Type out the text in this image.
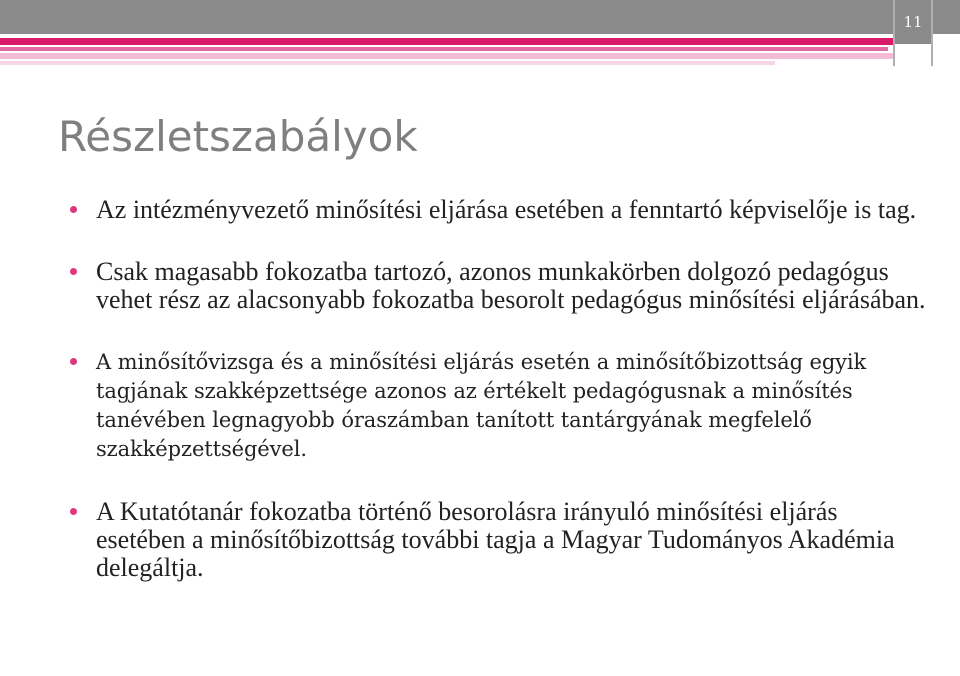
11
Részletszabályok
Az intézményvezető minősítési eljárása esetében a fenntartó képviselője is tag.
Csak magasabb fokozatba tartozó, azonos munkakörben dolgozó pedagógus vehet rész az alacsonyabb fokozatba besorolt pedagógus minősítési eljárásában.
A minősítővizsga és a minősítési eljárás esetén a minősítőbizottság egyik tagjának szakképzettsége azonos az értékelt pedagógusnak a minősítés tanévében legnagyobb óraszámban tanított tantárgyának megfelelő szakképzettségével.
A Kutatótanár fokozatba történő besorolásra irányuló minősítési eljárás esetében a minősítőbizottság további tagja a Magyar Tudományos Akadémia delegáltja.
